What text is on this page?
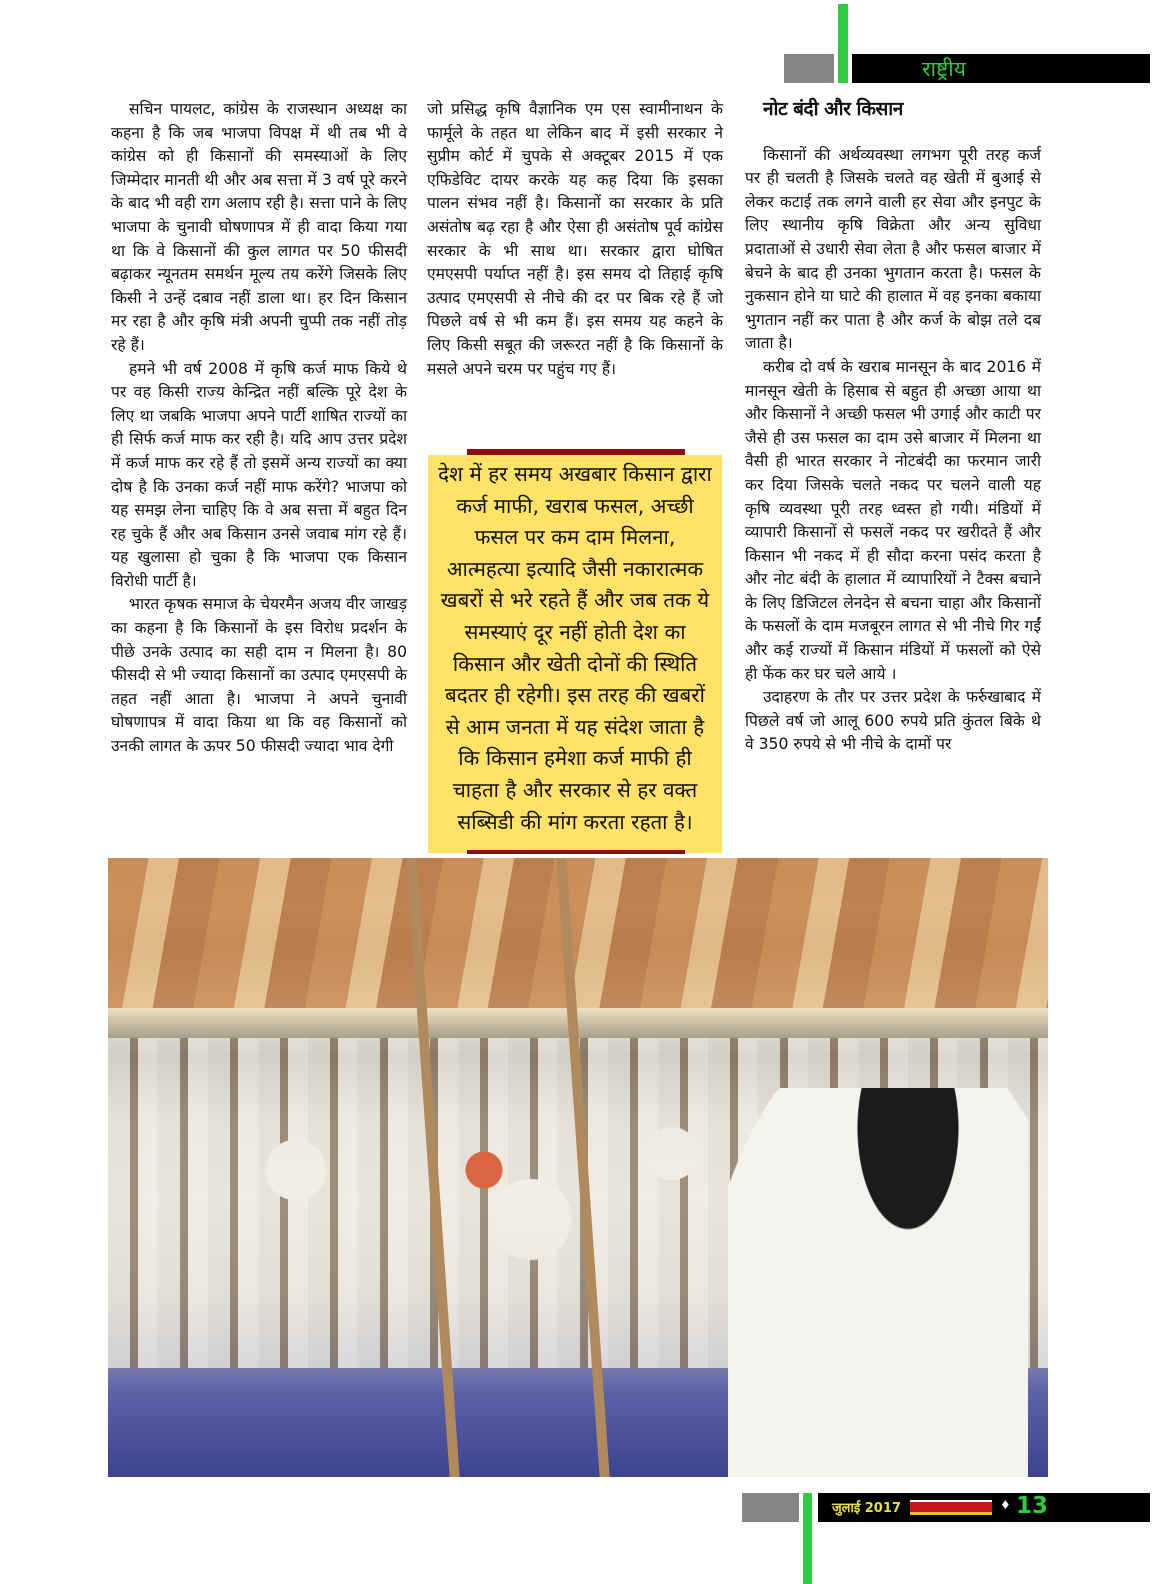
राष्ट्रीय

सचिन पायलट, कांग्रेस के राजस्थान अध्यक्ष का कहना है कि जब भाजपा विपक्ष में थी तब भी वे कांग्रेस को ही किसानों की समस्याओं के लिए जिम्मेदार मानती थी और अब सत्ता में 3 वर्ष पूरे करने के बाद भी वही राग अलाप रही है। सत्ता पाने के लिए भाजपा के चुनावी घोषणापत्र में ही वादा किया गया था कि वे किसानों की कुल लागत पर 50 फीसदी बढ़ाकर न्यूनतम समर्थन मूल्य तय करेंगे जिसके लिए किसी ने उन्हें दबाव नहीं डाला था। हर दिन किसान मर रहा है और कृषि मंत्री अपनी चुप्पी तक नहीं तोड़ रहे हैं।

हमने भी वर्ष 2008 में कृषि कर्ज माफ किये थे पर वह किसी राज्य केन्द्रित नहीं बल्कि पूरे देश के लिए था जबकि भाजपा अपने पार्टी शाषित राज्यों का ही सिर्फ कर्ज माफ कर रही है। यदि आप उत्तर प्रदेश में कर्ज माफ कर रहे हैं तो इसमें अन्य राज्यों का क्या दोष है कि उनका कर्ज नहीं माफ करेंगे? भाजपा को यह समझ लेना चाहिए कि वे अब सत्ता में बहुत दिन रह चुके हैं और अब किसान उनसे जवाब मांग रहे हैं। यह खुलासा हो चुका है कि भाजपा एक किसान विरोधी पार्टी है।

भारत कृषक समाज के चेयरमैन अजय वीर जाखड़ का कहना है कि किसानों के इस विरोध प्रदर्शन के पीछे उनके उत्पाद का सही दाम न मिलना है। 80 फीसदी से भी ज्यादा किसानों का उत्पाद एमएसपी के तहत नहीं आता है। भाजपा ने अपने चुनावी घोषणापत्र में वादा किया था कि वह किसानों को उनकी लागत के ऊपर 50 फीसदी ज्यादा भाव देगी

जो प्रसिद्ध कृषि वैज्ञानिक एम एस स्वामीनाथन के फार्मूले के तहत था लेकिन बाद में इसी सरकार ने सुप्रीम कोर्ट में चुपके से अक्टूबर 2015 में एक एफिडेविट दायर करके यह कह दिया कि इसका पालन संभव नहीं है। किसानों का सरकार के प्रति असंतोष बढ़ रहा है और ऐसा ही असंतोष पूर्व कांग्रेस सरकार के भी साथ था। सरकार द्वारा घोषित एमएसपी पर्याप्त नहीं है। इस समय दो तिहाई कृषि उत्पाद एमएसपी से नीचे की दर पर बिक रहे हैं जो पिछले वर्ष से भी कम हैं। इस समय यह कहने के लिए किसी सबूत की जरूरत नहीं है कि किसानों के मसले अपने चरम पर पहुंच गए हैं।

देश में हर समय अखबार किसान द्वारा कर्ज माफी, खराब फसल, अच्छी फसल पर कम दाम मिलना, आत्महत्या इत्यादि जैसी नकारात्मक खबरों से भरे रहते हैं और जब तक ये समस्याएं दूर नहीं होती देश का किसान और खेती दोनों की स्थिति बदतर ही रहेगी। इस तरह की खबरों से आम जनता में यह संदेश जाता है कि किसान हमेशा कर्ज माफी ही चाहता है और सरकार से हर वक्त सब्सिडी की मांग करता रहता है।
नोट बंदी और किसान

किसानों की अर्थव्यवस्था लगभग पूरी तरह कर्ज पर ही चलती है जिसके चलते वह खेती में बुआई से लेकर कटाई तक लगने वाली हर सेवा और इनपुट के लिए स्थानीय कृषि विक्रेता और अन्य सुविधा प्रदाताओं से उधारी सेवा लेता है और फसल बाजार में बेचने के बाद ही उनका भुगतान करता है। फसल के नुकसान होने या घाटे की हालात में वह इनका बकाया भुगतान नहीं कर पाता है और कर्ज के बोझ तले दब जाता है।

करीब दो वर्ष के खराब मानसून के बाद 2016 में मानसून खेती के हिसाब से बहुत ही अच्छा आया था और किसानों ने अच्छी फसल भी उगाई और काटी पर जैसे ही उस फसल का दाम उसे बाजार में मिलना था वैसी ही भारत सरकार ने नोटबंदी का फरमान जारी कर दिया जिसके चलते नकद पर चलने वाली यह कृषि व्यवस्था पूरी तरह ध्वस्त हो गयी। मंडियों में व्यापारी किसानों से फसलें नकद पर खरीदते हैं और किसान भी नकद में ही सौदा करना पसंद करता है और नोट बंदी के हालात में व्यापारियों ने टैक्स बचाने के लिए डिजिटल लेनदेन से बचना चाहा और किसानों के फसलों के दाम मजबूरन लागत से भी नीचे गिर गईं और कई राज्यों में किसान मंडियों में फसलों को ऐसे ही फेंक कर घर चले आये ।

उदाहरण के तौर पर उत्तर प्रदेश के फर्रुखाबाद में पिछले वर्ष जो आलू 600 रुपये प्रति कुंतल बिके थे वे 350 रुपये से भी नीचे के दामों पर

जुलाई 2017	♦ 13
